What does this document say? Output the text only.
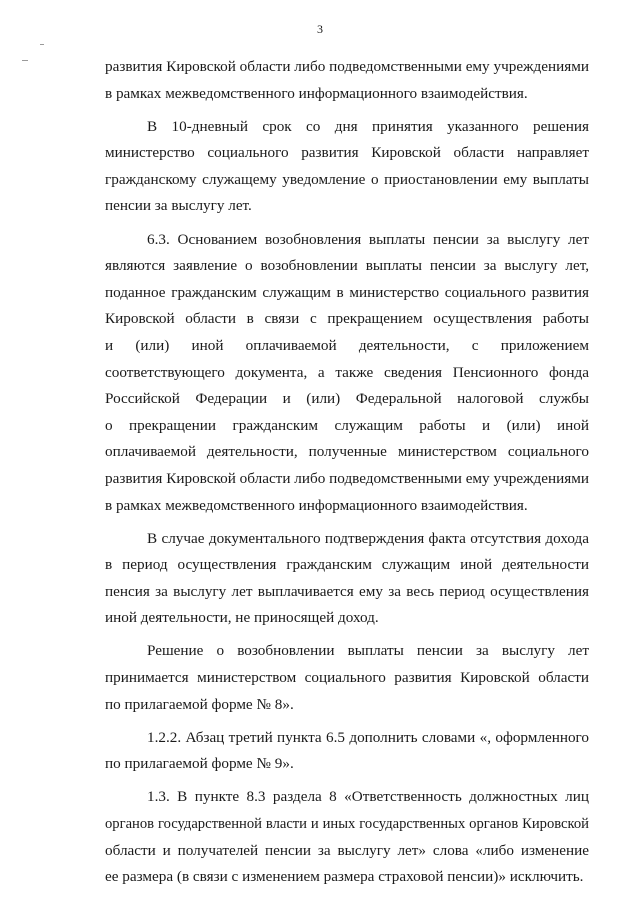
3
развития Кировской области либо подведомственными ему учреждениями
в рамках межведомственного информационного взаимодействия.
В 10-дневный срок со дня принятия указанного решения
министерство социального развития Кировской области направляет
гражданскому служащему уведомление о приостановлении ему выплаты
пенсии за выслугу лет.
6.3. Основанием возобновления выплаты пенсии за выслугу лет
являются заявление о возобновлении выплаты пенсии за выслугу лет,
поданное гражданским служащим в министерство социального развития
Кировской области в связи с прекращением осуществления работы
и (или) иной оплачиваемой деятельности, с приложением
соответствующего документа, а также сведения Пенсионного фонда
Российской Федерации и (или) Федеральной налоговой службы
о прекращении гражданским служащим работы и (или) иной
оплачиваемой деятельности, полученные министерством социального
развития Кировской области либо подведомственными ему учреждениями
в рамках межведомственного информационного взаимодействия.
В случае документального подтверждения факта отсутствия дохода
в период осуществления гражданским служащим иной деятельности
пенсия за выслугу лет выплачивается ему за весь период осуществления
иной деятельности, не приносящей доход.
Решение о возобновлении выплаты пенсии за выслугу лет
принимается министерством социального развития Кировской области
по прилагаемой форме № 8».
1.2.2. Абзац третий пункта 6.5 дополнить словами «, оформленного
по прилагаемой форме № 9».
1.3. В пункте 8.3 раздела 8 «Ответственность должностных лиц
органов государственной власти и иных государственных органов Кировской
области и получателей пенсии за выслугу лет» слова «либо изменение
ее размера (в связи с изменением размера страховой пенсии)» исключить.
